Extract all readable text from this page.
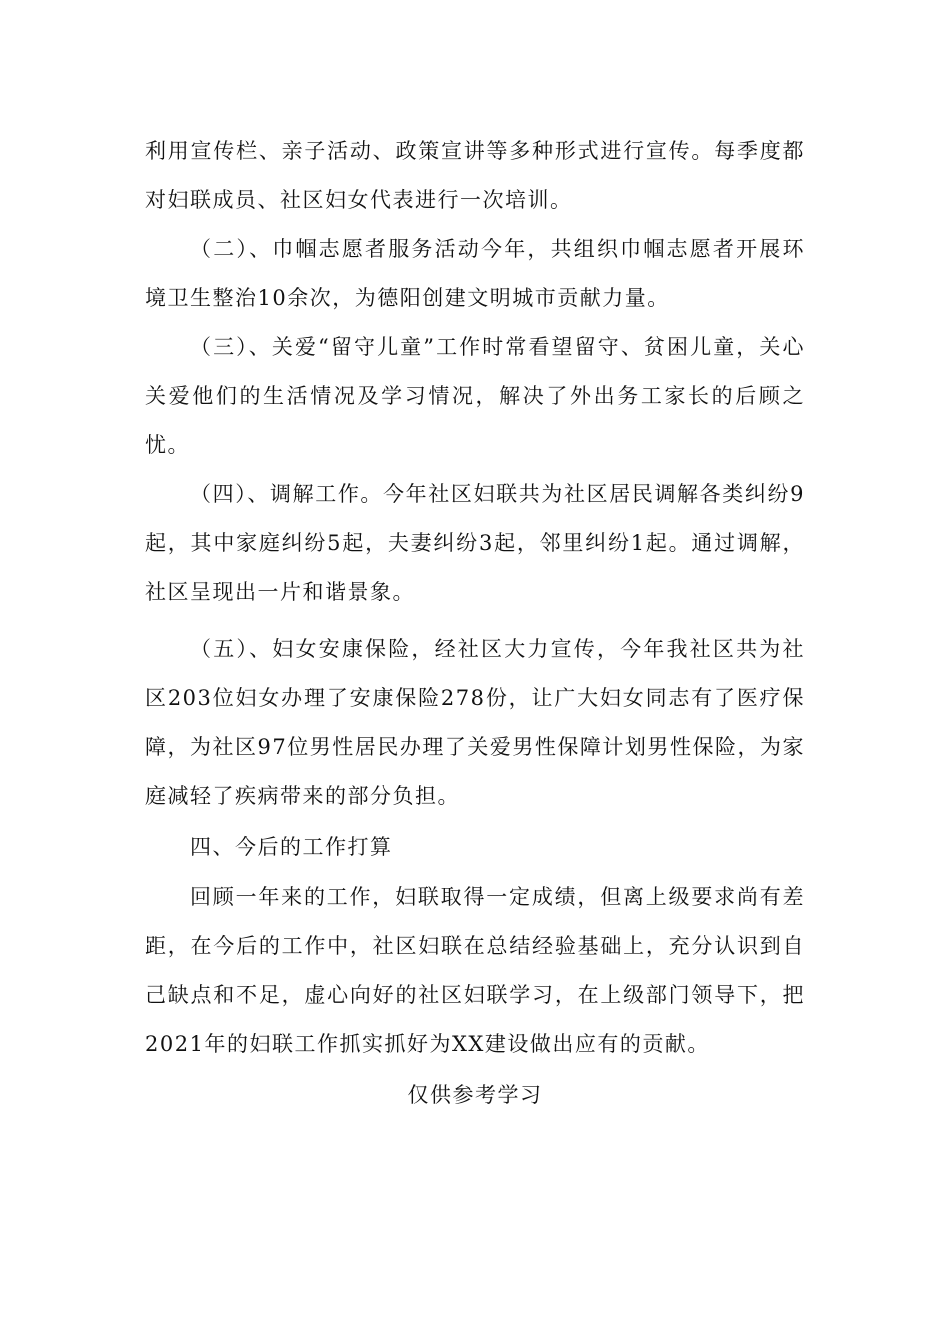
利用宣传栏、亲子活动、政策宣讲等多种形式进行宣传。每季度都对妇联成员、社区妇女代表进行一次培训。

（二）、巾帼志愿者服务活动今年，共组织巾帼志愿者开展环境卫生整治10余次，为德阳创建文明城市贡献力量。

（三）、关爱“留守儿童”工作时常看望留守、贫困儿童，关心关爱他们的生活情况及学习情况，解决了外出务工家长的后顾之忧。

（四）、调解工作。今年社区妇联共为社区居民调解各类纠纷9起，其中家庭纠纷5起，夫妻纠纷3起，邻里纠纷1起。通过调解，社区呈现出一片和谐景象。

（五）、妇女安康保险，经社区大力宣传，今年我社区共为社区203位妇女办理了安康保险278份，让广大妇女同志有了医疗保障，为社区97位男性居民办理了关爱男性保障计划男性保险，为家庭减轻了疾病带来的部分负担。

四、今后的工作打算

回顾一年来的工作，妇联取得一定成绩，但离上级要求尚有差距，在今后的工作中，社区妇联在总结经验基础上，充分认识到自己缺点和不足，虚心向好的社区妇联学习，在上级部门领导下，把2021年的妇联工作抓实抓好为XX建设做出应有的贡献。

仅供参考学习
